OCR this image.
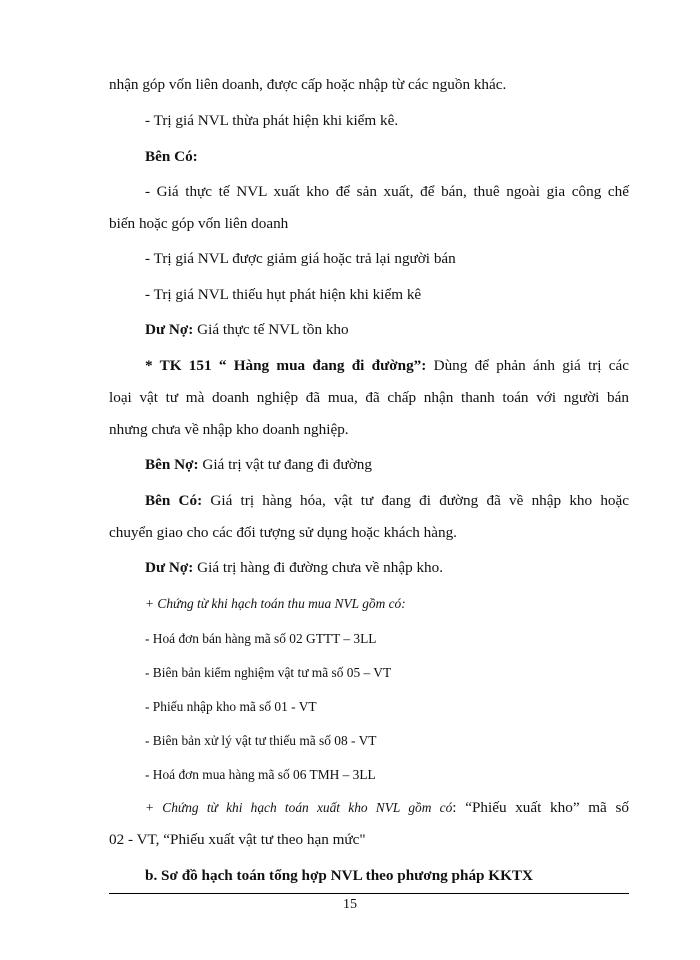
nhận góp vốn liên doanh, được cấp hoặc nhập từ các nguồn khác.
- Trị giá NVL thừa phát hiện khi kiểm kê.
Bên Có:
- Giá thực tế NVL xuất kho để sản xuất, để bán, thuê ngoài gia công chế
biến hoặc góp vốn liên doanh
- Trị giá NVL được giảm giá hoặc trả lại người bán
- Trị giá NVL thiếu hụt phát hiện khi kiểm kê
Dư Nợ: Giá thực tế NVL tồn kho
* TK 151 “ Hàng mua đang đi đường”: Dùng để phản ánh giá trị các
loại vật tư mà doanh nghiệp đã mua, đã chấp nhận thanh toán với người bán
nhưng chưa về nhập kho doanh nghiệp.
Bên Nợ: Giá trị vật tư đang đi đường
Bên Có: Giá trị hàng hóa, vật tư đang đi đường đã về nhập kho hoặc
chuyển giao cho các đối tượng sử dụng hoặc khách hàng.
Dư Nợ: Giá trị hàng đi đường chưa về nhập kho.
+ Chứng từ khi hạch toán thu mua NVL gồm có:
- Hoá đơn bán hàng mã số 02 GTTT – 3LL
- Biên bản kiểm nghiệm vật tư mã số 05 – VT
- Phiếu nhập kho mã số 01 - VT
- Biên bản xử lý vật tư thiếu mã số 08 - VT
- Hoá đơn mua hàng mã số 06 TMH – 3LL
+ Chứng từ khi hạch toán xuất kho NVL gồm có: “Phiếu xuất kho” mã số
02 - VT, “Phiếu xuất vật tư theo hạn mức"
b. Sơ đồ hạch toán tổng hợp NVL theo phương pháp KKTX
15
